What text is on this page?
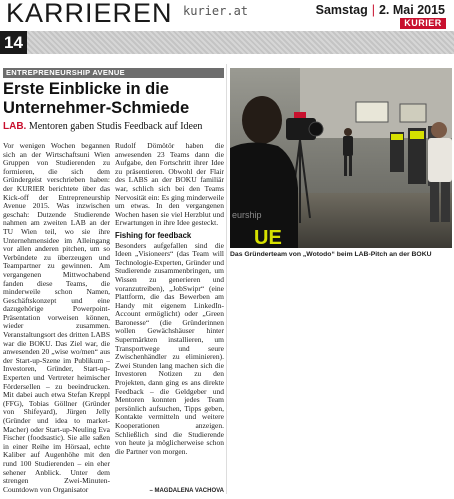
KARRIEREN kurier.at	Samstag | 2. Mai 2015
KURIER
14
ENTREPRENEURSHIP AVENUE
Erste Einblicke in die Unternehmer-Schmiede
LAB. Mentoren gaben Studis Feedback auf Ideen

Vor wenigen Wochen begannen sich an der Wirtschaftsuni Wien Gruppen von Studierenden zu formieren, die sich dem Gründergeist verschrieben haben: der KURIER berichtete über das Kick-off der Entrepreneurship Avenue 2015. Was inzwischen geschah: Dutzende Studierende nahmen am zweiten LAB an der TU Wien teil, wo sie ihre Unternehmensidee im Alleingang vor allen anderen pitchen, um so Verbündete zu überzeugen und Teampartner zu gewinnen. Am vergangenen Mittwochabend fanden diese Teams, die minderweile schon Namen, Geschäftskonzept und eine dazugehörige Powerpoint-Präsentation vorweisen können, wieder zusammen. Veranstaltungsort des dritten LABS war die BOKU. Das Ziel war, die anwesenden 20 „wise wo/men“ aus der Start-up-Szene im Publikum – Investoren, Gründer, Start-up-Experten und Vertreter heimischer Fördersellen – zu beeindrucken. Mit dabei auch etwa Stefan Kreppl (FFG), Tobias Göllner (Gründer von Shifeyard), Jürgen Jelly (Gründer und idea to market-Macher) oder Start-up-Neuling Eva Fischer (foodsastic). Sie alle saßen in einer Reihe im Hörsaal, echte Kaliber auf Augenhöhe mit den rund 100 Studierenden – ein eher sehener Anblick. Unter dem strengen Zwei-Minuten-Countdown von Organisator

Rudolf Dömötör haben die anwesenden 23 Teams dann die Aufgabe, den Fortschritt ihrer Idee zu präsentieren. Obwohl der Flair des LABS an der BOKU familiär war, schlich sich bei den Teams Nervosität ein: Es ging minderweile um etwas. In den vergangenen Wochen hasen sie viel Herzblut und Erwartungen in ihre Idee gesteckt.

Fishing for feedback

Besonders aufgefallen sind die Ideen „Visioneers“ (das Team will Technologie-Experten, Gründer und Studierende zusammenbringen, um Wissen zu generieren und voranzutreiben), „JobSwipr“ (eine Plattform, die das Bewerben am Handy mit eigenem LinkedIn-Account ermöglicht) oder „Green Baronesse“ (die Gründerinnen wollen Gewächshäuser hinter Supermärkten installieren, um Transportwege und seure Zwischenhändler zu eliminieren). Zwei Stunden lang machen sich die Investoren Notizen zu den Projekten, dann ging es ans direkte Feedback – die Geldgeber und Mentoren konnten jedes Team persönlich aufsuchen, Tipps geben, Kontakte vermitteln und weitere Kooperationen anzeigen. Schließlich sind die Studierende von heute ja möglicherweise schon die Partner von morgen.

– MAGDALENA VACHOVA
eurship
UE
Das Gründerteam von „Wotodo“ beim LAB-Pitch an der BOKU
